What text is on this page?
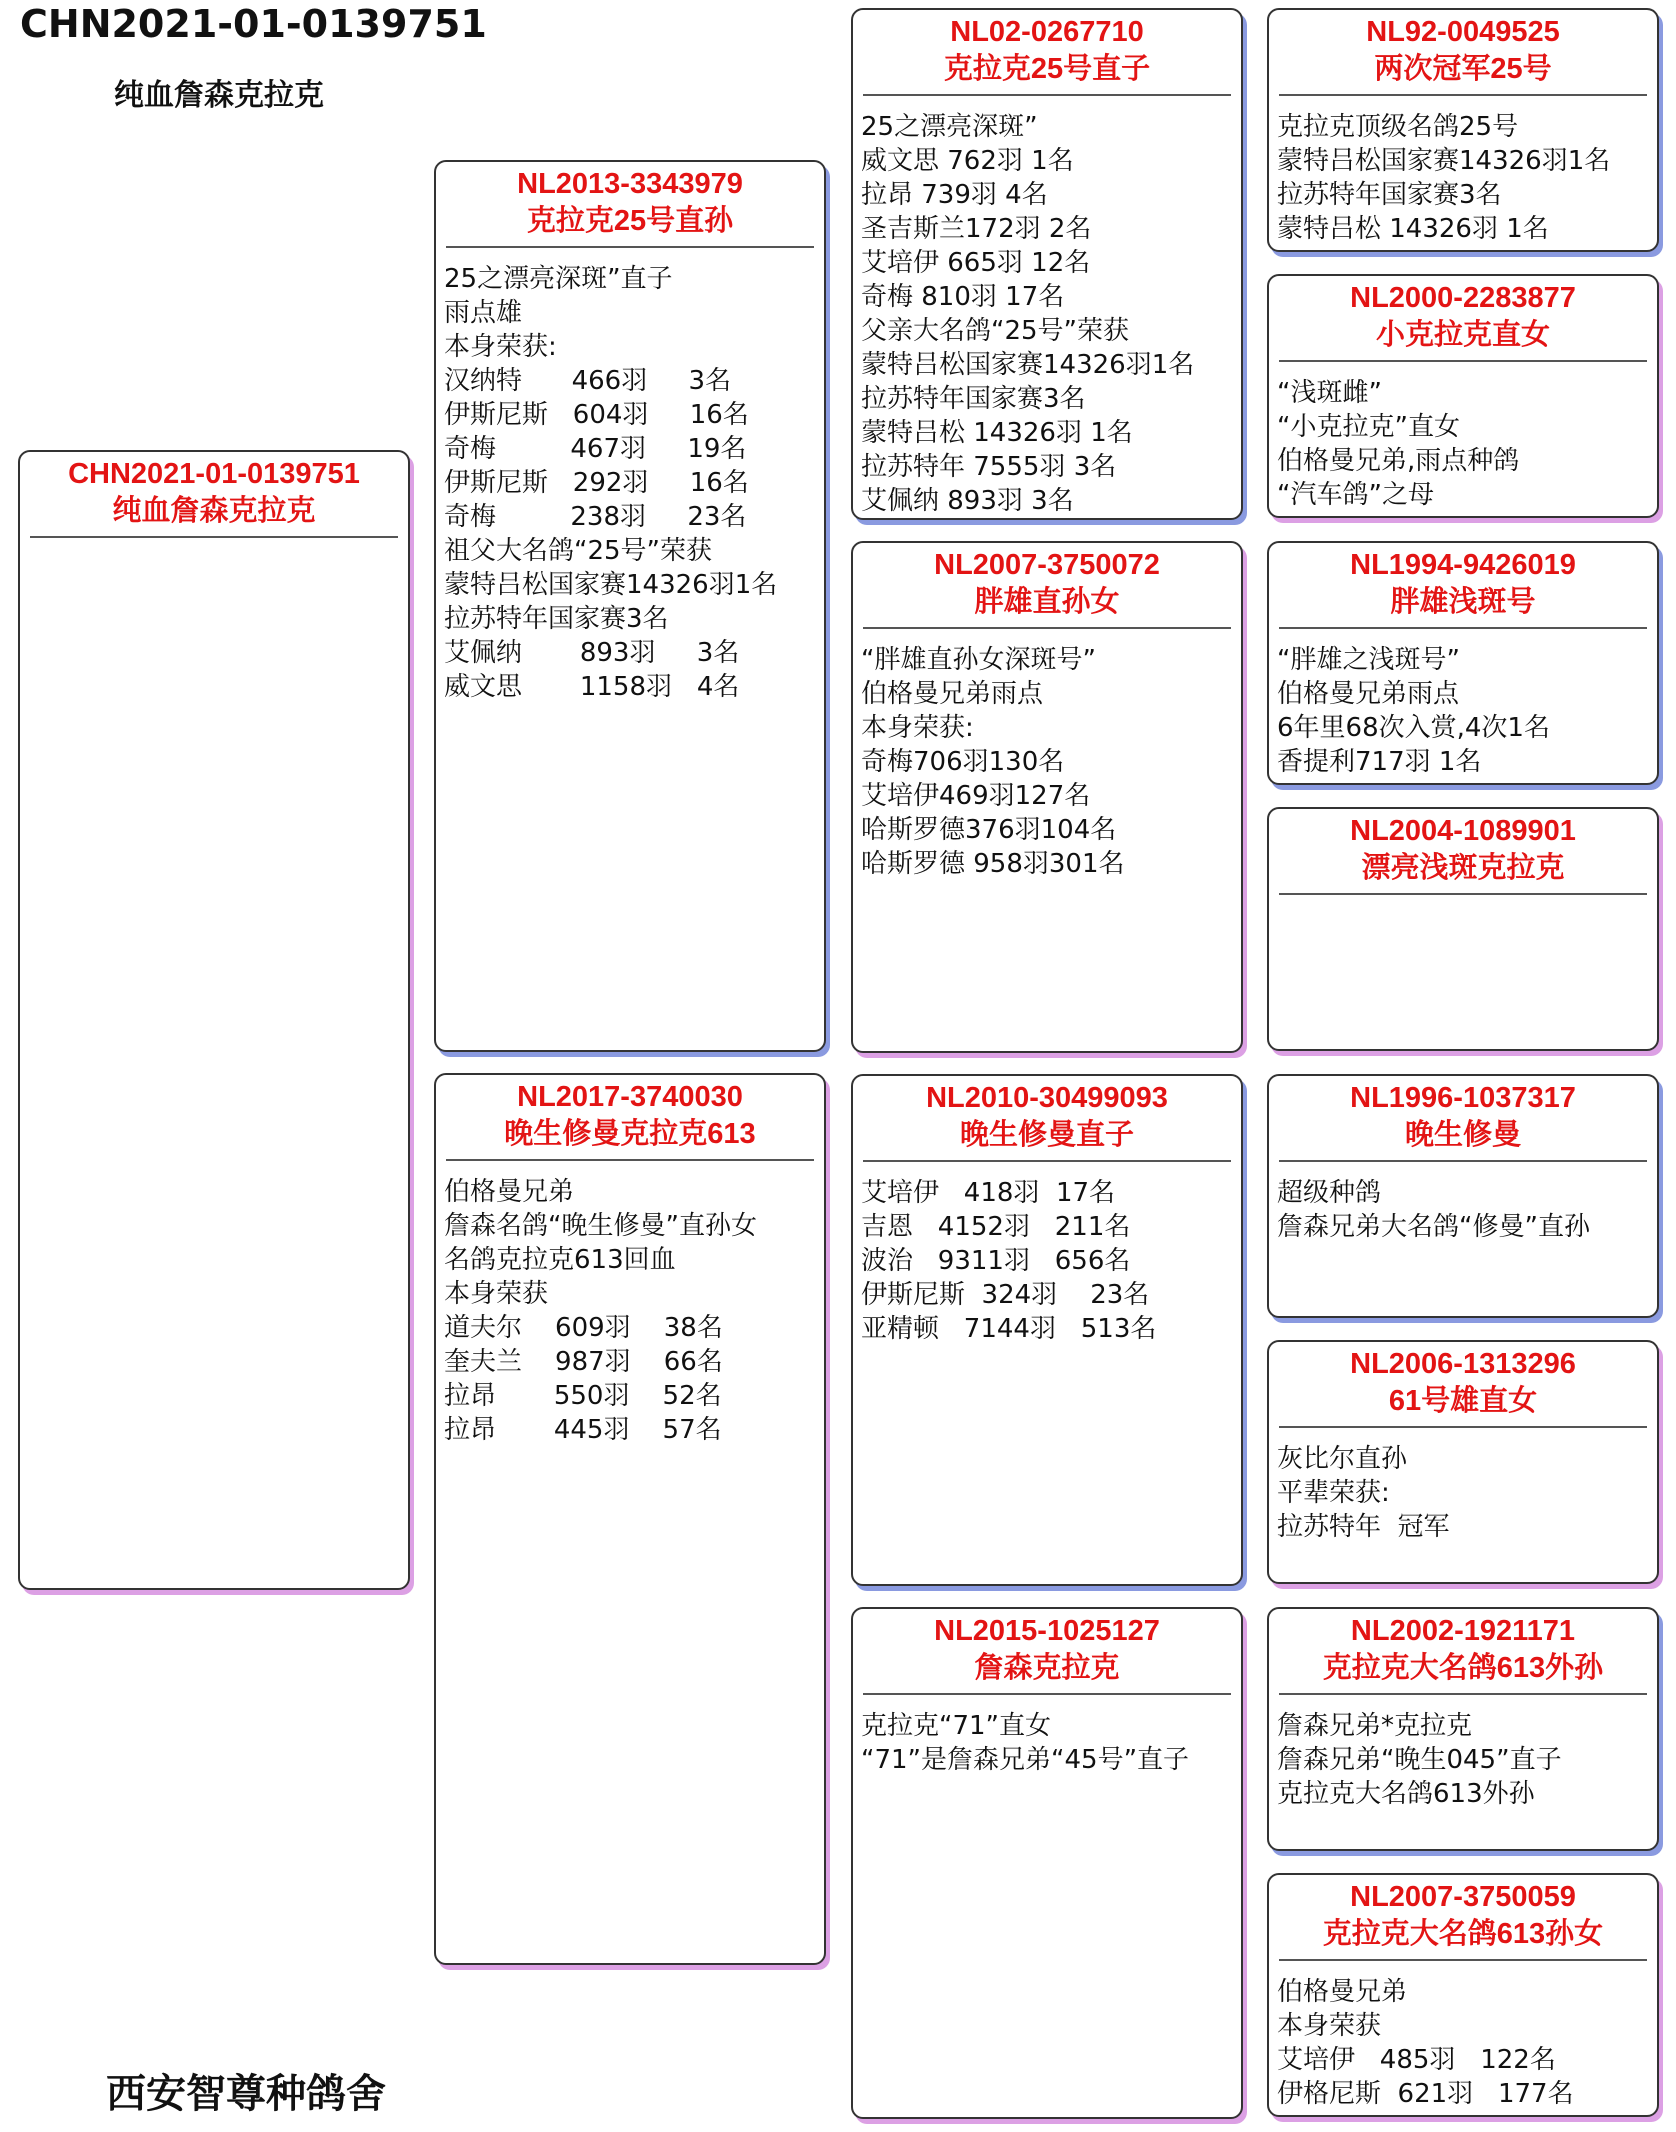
CHN2021-01-0139751
纯血詹森克拉克
CHN2021-01-0139751
纯血詹森克拉克
NL2013-3343979
克拉克25号直孙
25之漂亮深斑”直子
雨点雄
本身荣获:
汉纳特      466羽     3名
伊斯尼斯   604羽     16名
奇梅         467羽     19名
伊斯尼斯   292羽     16名
奇梅         238羽     23名
祖父大名鸽“25号”荣获
蒙特吕松国家赛14326羽1名
拉苏特年国家赛3名
艾佩纳       893羽     3名
威文思       1158羽   4名
NL2017-3740030
晚生修曼克拉克613
伯格曼兄弟
詹森名鸽“晚生修曼”直孙女
名鸽克拉克613回血
本身荣获
道夫尔    609羽    38名
奎夫兰    987羽    66名
拉昂       550羽    52名
拉昂       445羽    57名
NL02-0267710
克拉克25号直子
25之漂亮深斑”
威文思 762羽 1名
拉昂 739羽 4名
圣吉斯兰172羽 2名
艾培伊 665羽 12名
奇梅 810羽 17名
父亲大名鸽“25号”荣获
蒙特吕松国家赛14326羽1名
拉苏特年国家赛3名
蒙特吕松 14326羽 1名
拉苏特年 7555羽 3名
艾佩纳 893羽 3名
NL2007-3750072
胖雄直孙女
“胖雄直孙女深斑号”
伯格曼兄弟雨点
本身荣获:
奇梅706羽130名
艾培伊469羽127名
哈斯罗德376羽104名
哈斯罗德 958羽301名
NL2010-30499093
晚生修曼直子
艾培伊   418羽  17名
吉恩   4152羽   211名
波治   9311羽   656名
伊斯尼斯  324羽    23名
亚精顿   7144羽   513名
NL2015-1025127
詹森克拉克
克拉克“71”直女
“71”是詹森兄弟“45号”直子
NL92-0049525
两次冠军25号
克拉克顶级名鸽25号
蒙特吕松国家赛14326羽1名
拉苏特年国家赛3名
蒙特吕松 14326羽 1名
NL2000-2283877
小克拉克直女
“浅斑雌”
“小克拉克”直女
伯格曼兄弟,雨点种鸽
“汽车鸽”之母
NL1994-9426019
胖雄浅斑号
“胖雄之浅斑号”
伯格曼兄弟雨点
6年里68次入赏,4次1名
香提利717羽 1名
NL2004-1089901
漂亮浅斑克拉克
NL1996-1037317
晚生修曼
超级种鸽
詹森兄弟大名鸽“修曼”直孙
NL2006-1313296
61号雄直女
灰比尔直孙
平辈荣获:
拉苏特年  冠军
NL2002-1921171
克拉克大名鸽613外孙
詹森兄弟*克拉克
詹森兄弟“晚生045”直子
克拉克大名鸽613外孙
NL2007-3750059
克拉克大名鸽613孙女
伯格曼兄弟
本身荣获
艾培伊   485羽   122名
伊格尼斯  621羽   177名
西安智尊种鸽舍
